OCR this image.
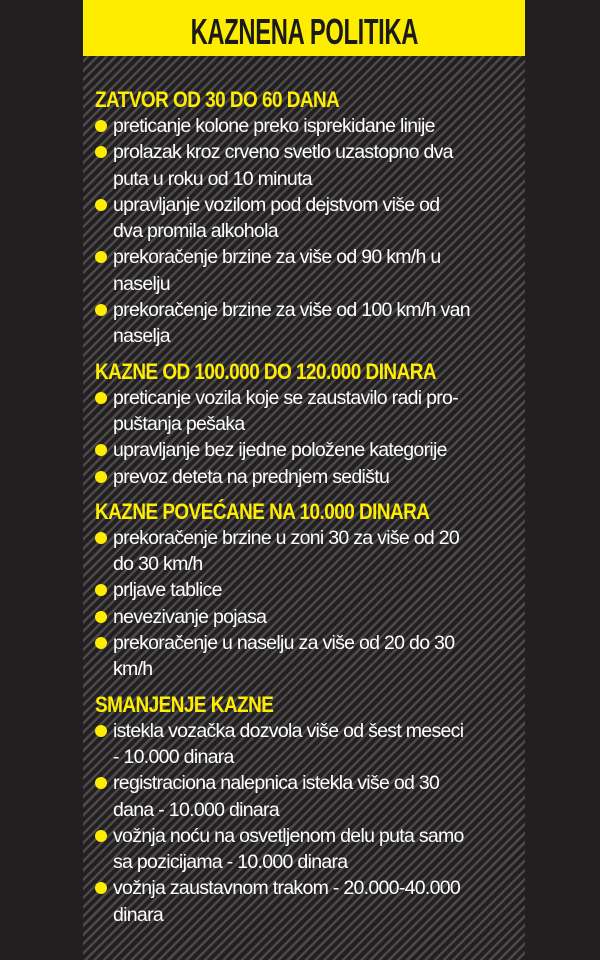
KAZNENA POLITIKA
ZATVOR OD 30 DO 60 DANA
preticanje kolone preko isprekidane linije
prolazak kroz crveno svetlo uzastopno dva
puta u roku od 10 minuta
upravljanje vozilom pod dejstvom više od
dva promila alkohola
prekoračenje brzine za više od 90 km/h u
naselju
prekoračenje brzine za više od 100 km/h van
naselja
KAZNE OD 100.000 DO 120.000 DINARA
preticanje vozila koje se zaustavilo radi pro-
puštanja pešaka
upravljanje bez ijedne položene kategorije
prevoz deteta na prednjem sedištu
KAZNE POVEĆANE NA 10.000 DINARA
prekoračenje brzine u zoni 30 za više od 20
do 30 km/h
prljave tablice
nevezivanje pojasa
prekoračenje u naselju za više od 20 do 30
km/h
SMANJENJE KAZNE
istekla vozačka dozvola više od šest meseci
- 10.000 dinara
registraciona nalepnica istekla više od 30
dana - 10.000 dinara
vožnja noću na osvetljenom delu puta samo
sa pozicijama - 10.000 dinara
vožnja zaustavnom trakom - 20.000-40.000
dinara
